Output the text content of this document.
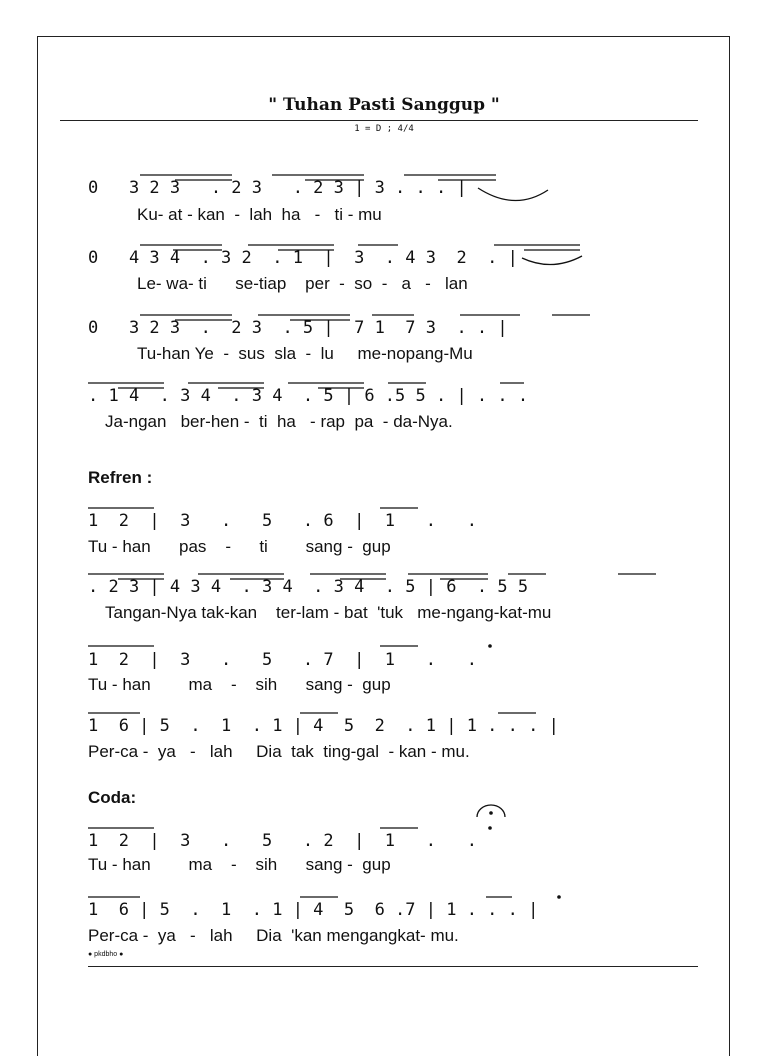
" Tuhan Pasti Sanggup "
1 = D ; 4/4
0   3 2 3   . 2 3   . 2 3 | 3 . . . |
Ku- at - kan  -  lah  ha   -   ti - mu
0   4 3 4  . 3 2  . 1  |  3  . 4 3  2  . |
Le- wa- ti      se-tiap    per  -  so  -   a   -   lan
0   3 2 3  .  2 3  . 5 |  7 1  7 3  . . |
Tu-han Ye  -  sus  sla  -  lu     me-nopang-Mu
. 1 4  . 3 4  . 3 4  . 5 | 6 .5 5 . | . . .
Ja-ngan   ber-hen -  ti  ha   - rap  pa  - da-Nya.
Refren :
1  2  |  3   .   5   . 6  |  1   .   .
Tu - han      pas    -      ti        sang -  gup
. 2 3 | 4 3 4  . 3 4  . 3 4  . 5 | 6  . 5 5
Tangan-Nya tak-kan    ter-lam - bat  'tuk   me-ngang-kat-mu
1  2  |  3   .   5   . 7  |  1   .   .
Tu - han        ma    -    sih      sang -  gup
1  6 | 5  .  1  . 1 | 4  5  2  . 1 | 1 . . . |
Per-ca -  ya   -   lah     Dia  tak  ting-gal  - kan - mu.
Coda:
1  2  |  3   .   5   . 2  |  1   .   .
Tu - han        ma    -    sih      sang -  gup
1  6 | 5  .  1  . 1 | 4  5  6 .7 | 1 . . . |
Per-ca -  ya   -   lah     Dia  'kan mengangkat- mu.
● pkdbho ●
